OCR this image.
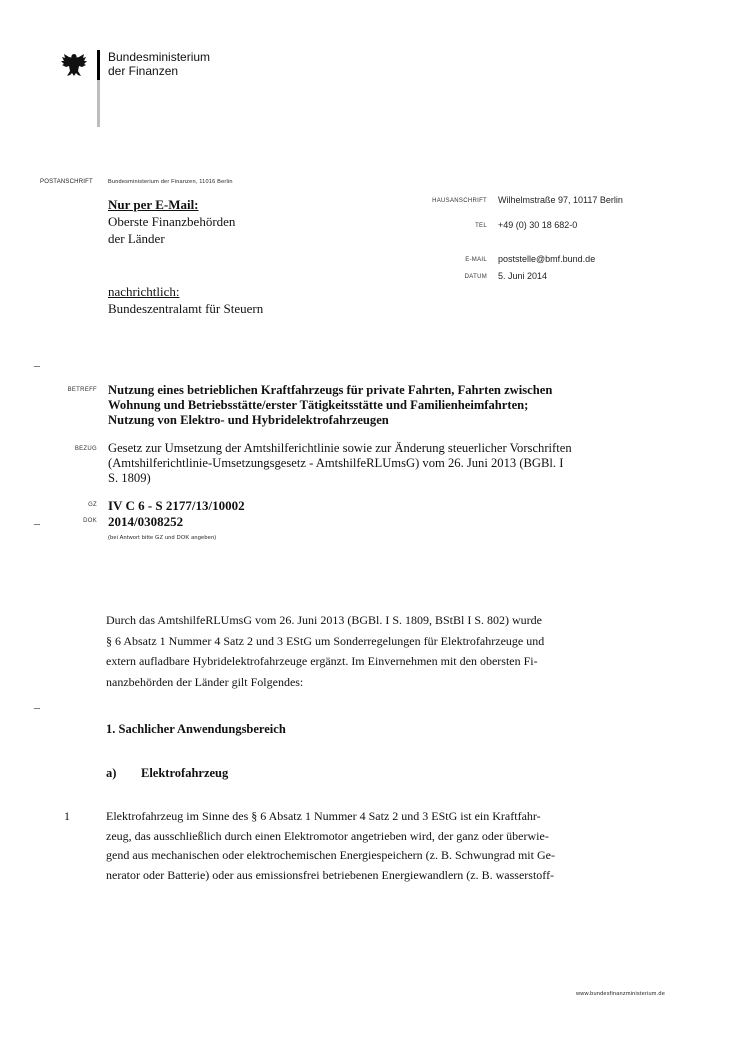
Bundesministerium
der Finanzen
POSTANSCHRIFT	Bundesministerium der Finanzen, 11016 Berlin
Nur per E-Mail:
Oberste Finanzbehörden
der Länder
nachrichtlich:
Bundeszentralamt für Steuern
HAUSANSCHRIFT Wilhelmstraße 97, 10117 Berlin
TEL +49 (0) 30 18 682-0
E-MAIL poststelle@bmf.bund.de
DATUM 5. Juni 2014
–
–
–
BETREFF Nutzung eines betrieblichen Kraftfahrzeugs für private Fahrten, Fahrten zwischen
Wohnung und Betriebsstätte/erster Tätigkeitsstätte und Familienheimfahrten;
Nutzung von Elektro- und Hybridelektrofahrzeugen
BEZUG Gesetz zur Umsetzung der Amtshilferichtlinie sowie zur Änderung steuerlicher Vorschriften
(Amtshilferichtlinie-Umsetzungsgesetz - AmtshilfeRLUmsG) vom 26. Juni 2013 (BGBl. I
S. 1809)
GZ IV C 6 - S 2177/13/10002
DOK 2014/0308252
(bei Antwort bitte GZ und DOK angeben)
Durch das AmtshilfeRLUmsG vom 26. Juni 2013 (BGBl. I S. 1809, BStBl I S. 802) wurde
§ 6 Absatz 1 Nummer 4 Satz 2 und 3 EStG um Sonderregelungen für Elektrofahrzeuge und
extern aufladbare Hybridelektrofahrzeuge ergänzt. Im Einvernehmen mit den obersten Fi-
nanzbehörden der Länder gilt Folgendes:
1. Sachlicher Anwendungsbereich
a) Elektrofahrzeug
1	Elektrofahrzeug im Sinne des § 6 Absatz 1 Nummer 4 Satz 2 und 3 EStG ist ein Kraftfahr-
zeug, das ausschließlich durch einen Elektromotor angetrieben wird, der ganz oder überwie-
gend aus mechanischen oder elektrochemischen Energiespeichern (z. B. Schwungrad mit Ge-
nerator oder Batterie) oder aus emissionsfrei betriebenen Energiewandlern (z. B. wasserstoff-
www.bundesfinanzministerium.de
